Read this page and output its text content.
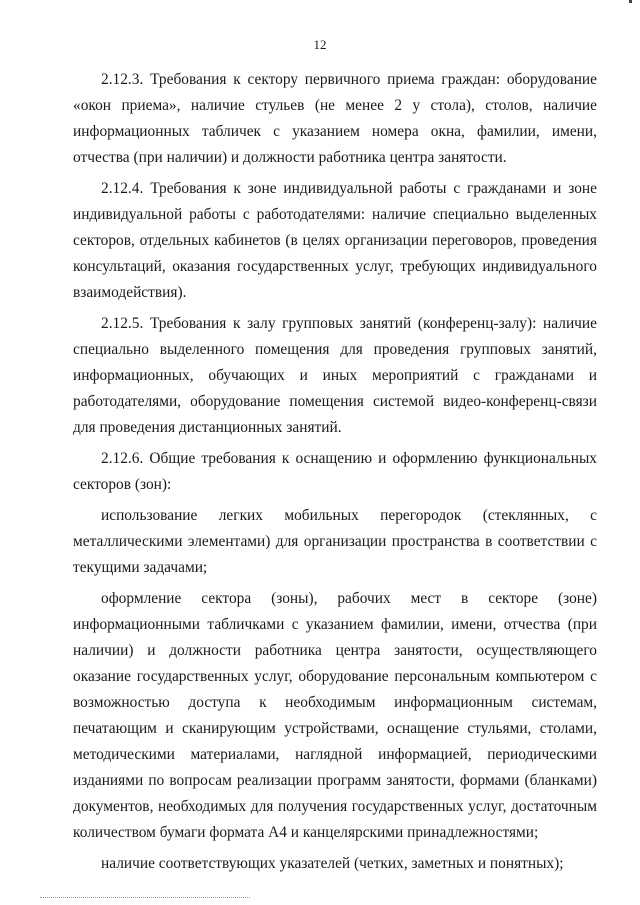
12

2.12.3. Требования к сектору первичного приема граждан: оборудование «окон приема», наличие стульев (не менее 2 у стола), столов, наличие информационных табличек с указанием номера окна, фамилии, имени, отчества (при наличии) и должности работника центра занятости.

2.12.4. Требования к зоне индивидуальной работы с гражданами и зоне индивидуальной работы с работодателями: наличие специально выделенных секторов, отдельных кабинетов (в целях организации переговоров, проведения консультаций, оказания государственных услуг, требующих индивидуального взаимодействия).

2.12.5. Требования к залу групповых занятий (конференц-залу): наличие специально выделенного помещения для проведения групповых занятий, информационных, обучающих и иных мероприятий с гражданами и работодателями, оборудование помещения системой видео-конференц-связи для проведения дистанционных занятий.

2.12.6. Общие требования к оснащению и оформлению функциональных секторов (зон):

использование легких мобильных перегородок (стеклянных, с металлическими элементами) для организации пространства в соответствии с текущими задачами;

оформление сектора (зоны), рабочих мест в секторе (зоне) информационными табличками с указанием фамилии, имени, отчества (при наличии) и должности работника центра занятости, осуществляющего оказание государственных услуг, оборудование персональным компьютером с возможностью доступа к необходимым информационным системам, печатающим и сканирующим устройствами, оснащение стульями, столами, методическими материалами, наглядной информацией, периодическими изданиями по вопросам реализации программ занятости, формами (бланками) документов, необходимых для получения государственных услуг, достаточным количеством бумаги формата А4 и канцелярскими принадлежностями;

наличие соответствующих указателей (четких, заметных и понятных);
